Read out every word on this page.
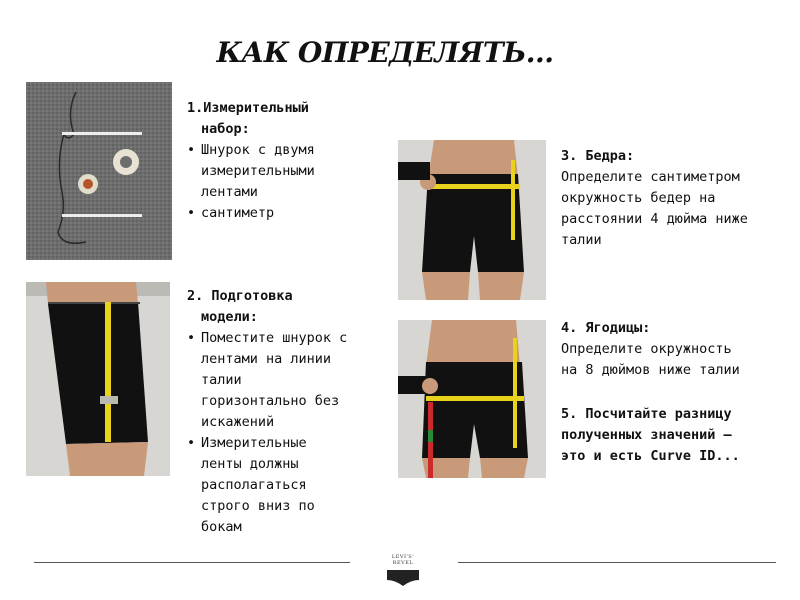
КАК ОПРЕДЕЛЯТЬ...
1.Измерительный
набор:
• Шнурок с двумя
измерительными
лентами
• сантиметр
2. Подготовка
модели:
• Поместите шнурок с
лентами на линии
талии
горизонтально без
искажений
• Измерительные
ленты должны
располагаться
строго вниз по
бокам
3. Бедра:
Определите сантиметром
окружность бедер на
расстоянии 4 дюйма ниже
талии
4. Ягодицы:
Определите окружность
на 8 дюймов ниже талии
5. Посчитайте разницу
полученных значений –
это и есть Curve ID...
LEVI'S' REVEL
